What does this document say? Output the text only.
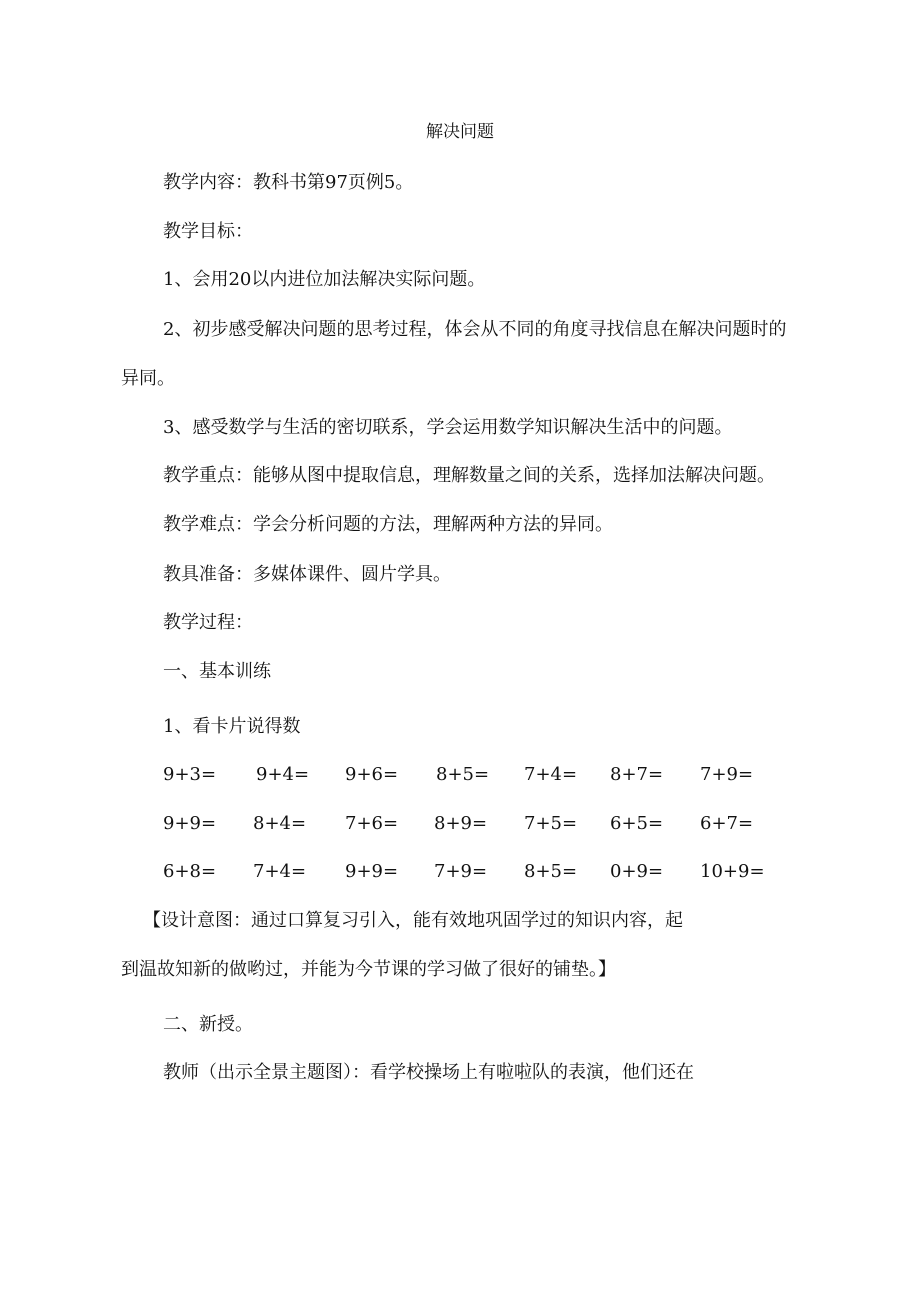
解决问题
教学内容：教科书第97页例5。
教学目标：
1、会用20以内进位加法解决实际问题。
2、初步感受解决问题的思考过程，体会从不同的角度寻找信息在解决问题时的
异同。
3、感受数学与生活的密切联系，学会运用数学知识解决生活中的问题。
教学重点：能够从图中提取信息，理解数量之间的关系，选择加法解决问题。
教学难点：学会分析问题的方法，理解两种方法的异同。
教具准备：多媒体课件、圆片学具。
教学过程：
一、基本训练
1、看卡片说得数
9+3= 9+4= 9+6= 8+5= 7+4= 8+7= 7+9=
9+9= 8+4= 7+6= 8+9= 7+5= 6+5= 6+7=
6+8= 7+4= 9+9= 7+9= 8+5= 0+9= 10+9=
【设计意图：通过口算复习引入，能有效地巩固学过的知识内容，起
到温故知新的做哟过，并能为今节课的学习做了很好的铺垫。】
二、新授。
教师（出示全景主题图）：看学校操场上有啦啦队的表演，他们还在
